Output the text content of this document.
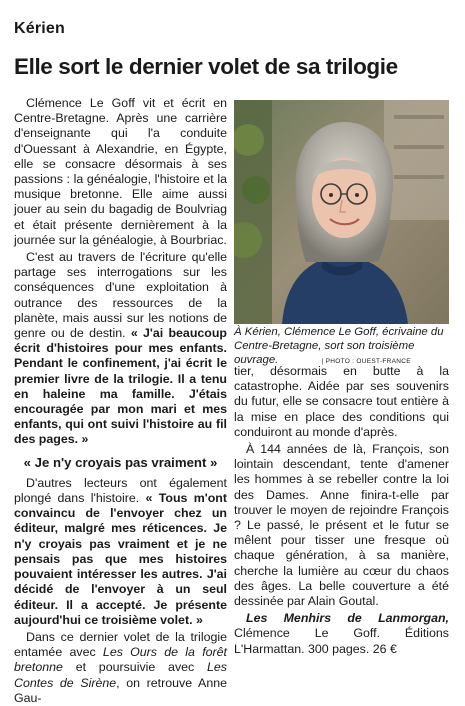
Kérien
Elle sort le dernier volet de sa trilogie

Clémence Le Goff vit et écrit en Centre-Bretagne. Après une carrière d'enseignante qui l'a conduite d'Ouessant à Alexandrie, en Égypte, elle se consacre désormais à ses passions : la généalogie, l'histoire et la musique bretonne. Elle aime aussi jouer au sein du bagadig de Boulvriag et était présente dernièrement à la journée sur la généalogie, à Bourbriac.

C'est au travers de l'écriture qu'elle partage ses interrogations sur les conséquences d'une exploitation à outrance des ressources de la planète, mais aussi sur les notions de genre ou de destin. « J'ai beaucoup écrit d'histoires pour mes enfants. Pendant le confinement, j'ai écrit le premier livre de la trilogie. Il a tenu en haleine ma famille. J'étais encouragée par mon mari et mes enfants, qui ont suivi l'histoire au fil des pages. »

« Je n'y croyais pas vraiment »

D'autres lecteurs ont également plongé dans l'histoire. « Tous m'ont convaincu de l'envoyer chez un éditeur, malgré mes réticences. Je n'y croyais pas vraiment et je ne pensais pas que mes histoires pouvaient intéresser les autres. J'ai décidé de l'envoyer à un seul éditeur. Il a accepté. Je présente aujourd'hui ce troisième volet. »

Dans ce dernier volet de la trilogie entamée avec Les Ours de la forêt bretonne et poursuivie avec Les Contes de Sirène, on retrouve Anne Gau-

À Kérien, Clémence Le Goff, écrivaine du Centre-Bretagne, sort son troisième ouvrage.	| PHOTO : OUEST-FRANCE

tier, désormais en butte à la catastrophe. Aidée par ses souvenirs du futur, elle se consacre tout entière à la mise en place des conditions qui conduiront au monde d'après.

À 144 années de là, François, son lointain descendant, tente d'amener les hommes à se rebeller contre la loi des Dames. Anne finira-t-elle par trouver le moyen de rejoindre François ? Le passé, le présent et le futur se mêlent pour tisser une fresque où chaque génération, à sa manière, cherche la lumière au cœur du chaos des âges. La belle couverture a été dessinée par Alain Goutal.

Les Menhirs de Lanmorgan, Clémence Le Goff. Éditions L'Harmattan. 300 pages. 26 €
